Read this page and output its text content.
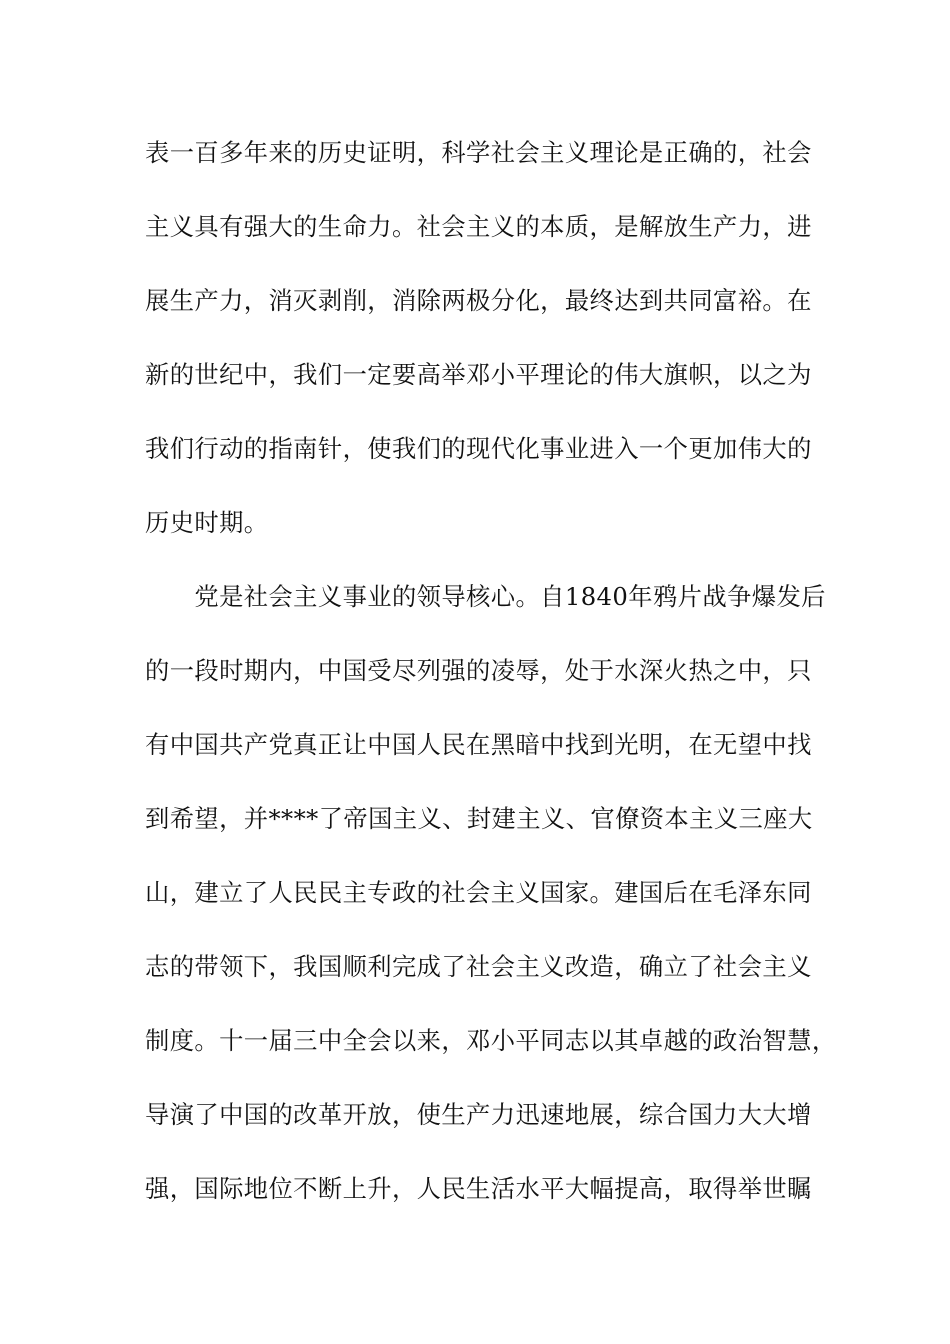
表一百多年来的历史证明，科学社会主义理论是正确的，社会
主义具有强大的生命力。社会主义的本质，是解放生产力，进
展生产力，消灭剥削，消除两极分化，最终达到共同富裕。在
新的世纪中，我们一定要高举邓小平理论的伟大旗帜，以之为
我们行动的指南针，使我们的现代化事业进入一个更加伟大的
历史时期。
　　党是社会主义事业的领导核心。自1840年鸦片战争爆发后
的一段时期内，中国受尽列强的凌辱，处于水深火热之中，只
有中国共产党真正让中国人民在黑暗中找到光明，在无望中找
到希望，并****了帝国主义、封建主义、官僚资本主义三座大
山，建立了人民民主专政的社会主义国家。建国后在毛泽东同
志的带领下，我国顺利完成了社会主义改造，确立了社会主义
制度。十一届三中全会以来，邓小平同志以其卓越的政治智慧，
导演了中国的改革开放，使生产力迅速地展，综合国力大大增
强，国际地位不断上升，人民生活水平大幅提高，取得举世瞩
